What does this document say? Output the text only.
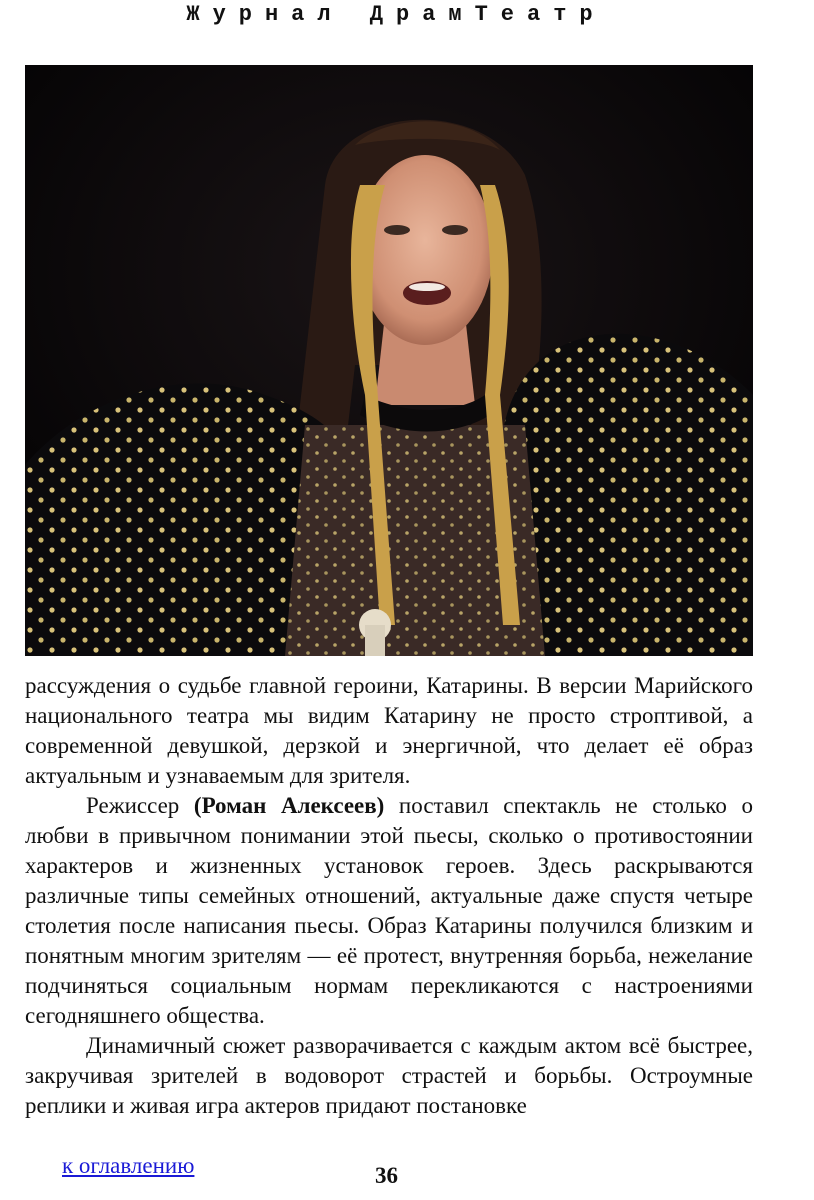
Журнал ДрамТеатр

рассуждения о судьбе главной героини, Катарины. В версии Марийского национального театра мы видим Катарину не просто строптивой, а современной девушкой, дерзкой и энергичной, что делает её образ актуальным и узнаваемым для зрителя.

Режиссер (Роман Алексеев) поставил спектакль не столько о любви в привычном понимании этой пьесы, сколько о противостоянии характеров и жизненных установок героев. Здесь раскрываются различные типы семейных отношений, актуальные даже спустя четыре столетия после написания пьесы. Образ Катарины получился близким и понятным многим зрителям — её протест, внутренняя борьба, нежелание подчиняться социальным нормам перекликаются с настроениями сегодняшнего общества.

Динамичный сюжет разворачивается с каждым актом всё быстрее, закручивая зрителей в водоворот страстей и борьбы. Остроумные реплики и живая игра актеров придают постановке

к оглавлению	36
